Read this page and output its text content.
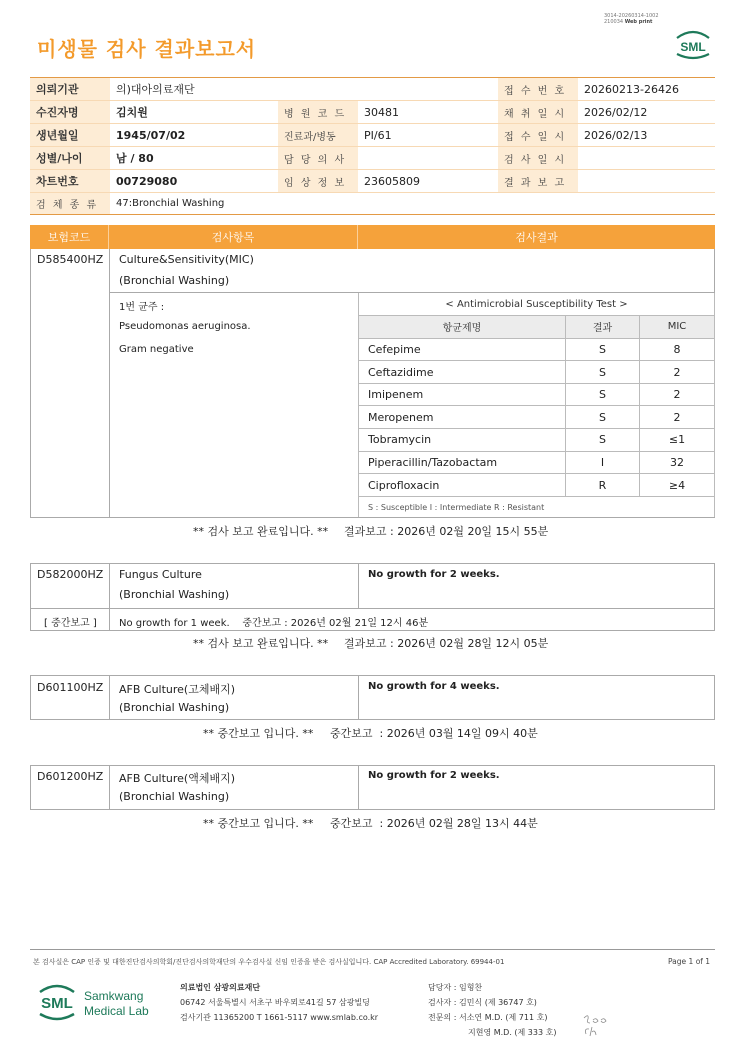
미생물 검사 결과보고서
3014-20260314-1002
210034 Web print
SML
의뢰기관	의)대아의료재단			접 수 번 호	20260213-26426
수진자명	김치원	병 원 코 드	30481	채 취 일 시	2026/02/12
생년월일	1945/07/02	진료과/병동	PI/61	접 수 일 시	2026/02/13
성별/나이	남 / 80	담 당 의 사		검 사 일 시	
차트번호	00729080	임 상 정 보	23605809	결 과 보 고	
검 체 종 류	47:Bronchial Washing				
보험코드	검사항목	검사결과
D585400HZ Culture&Sensitivity(MIC)
(Bronchial Washing)
1번 균주 :
Pseudomonas aeruginosa.
Gram negative
< Antimicrobial Susceptibility Test >		
항균제명	결과	MIC
Cefepime	S	8
Ceftazidime	S	2
Imipenem	S	2
Meropenem	S	2
Tobramycin	S	≤1
Piperacillin/Tazobactam	I	32
Ciprofloxacin	R	≥4
S : Susceptible I : Intermediate R : Resistant		
** 검사 보고 완료입니다. ** 결과보고 : 2026년 02월 20일 15시 55분
D582000HZ Fungus Culture
(Bronchial Washing)
No growth for 2 weeks.
[ 중간보고 ] No growth for 1 week.    중간보고 : 2026년 02월 21일 12시 46분
** 검사 보고 완료입니다. ** 결과보고 : 2026년 02월 28일 12시 05분
D601100HZ AFB Culture(고체배지)
(Bronchial Washing)
No growth for 4 weeks.
** 중간보고 입니다. ** 중간보고  : 2026년 03월 14일 09시 40분
D601200HZ AFB Culture(액체배지)
(Bronchial Washing)
No growth for 2 weeks.
** 중간보고 입니다. ** 중간보고  : 2026년 02월 28일 13시 44분
본 검사실은 CAP 인증 및 대한진단검사의학회/진단검사의학재단의 우수검사실 신임 인증을 받은 검사실입니다. CAP Accredited Laboratory. 69944-01	Page 1 of 1
SML Samkwang
Medical Lab
의료법인 삼광의료재단
06742 서울특별시 서초구 바우뫼로41길 57 삼광빌딩
검사기관 11365200 T 1661-5117 www.smlab.co.kr
담당자 : 임형찬
검사자 : 김민식 (제 36747 호)
전문의 : 서소연 M.D. (제 711 호)
지현영 M.D. (제 333 호)
